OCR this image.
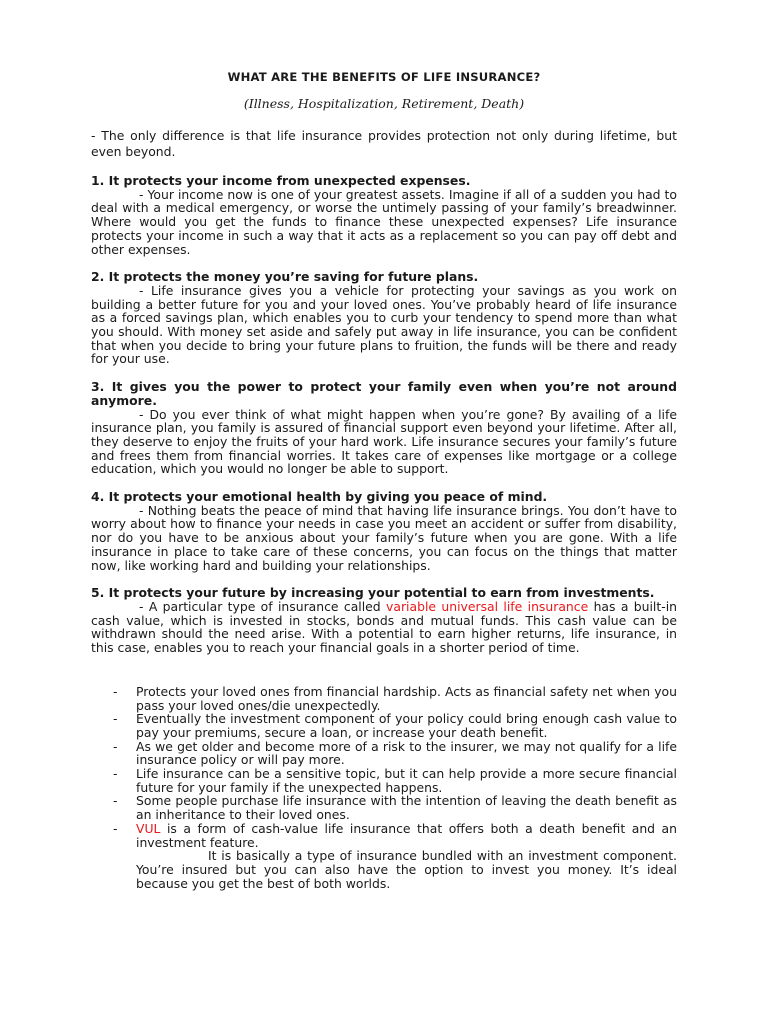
WHAT ARE THE BENEFITS OF LIFE INSURANCE?
(Illness, Hospitalization, Retirement, Death)

- The only difference is that life insurance provides protection not only during lifetime, but even beyond.

1. It protects your income from unexpected expenses.

- Your income now is one of your greatest assets. Imagine if all of a sudden you had to deal with a medical emergency, or worse the untimely passing of your family’s breadwinner. Where would you get the funds to finance these unexpected expenses? Life insurance protects your income in such a way that it acts as a replacement so you can pay off debt and other expenses.

2. It protects the money you’re saving for future plans.

- Life insurance gives you a vehicle for protecting your savings as you work on building a better future for you and your loved ones. You’ve probably heard of life insurance as a forced savings plan, which enables you to curb your tendency to spend more than what you should. With money set aside and safely put away in life insurance, you can be confident that when you decide to bring your future plans to fruition, the funds will be there and ready for your use.

3. It gives you the power to protect your family even when you’re not around anymore.

- Do you ever think of what might happen when you’re gone? By availing of a life insurance plan, you family is assured of financial support even beyond your lifetime. After all, they deserve to enjoy the fruits of your hard work. Life insurance secures your family’s future and frees them from financial worries. It takes care of expenses like mortgage or a college education, which you would no longer be able to support.

4. It protects your emotional health by giving you peace of mind.

- Nothing beats the peace of mind that having life insurance brings. You don’t have to worry about how to finance your needs in case you meet an accident or suffer from disability, nor do you have to be anxious about your family’s future when you are gone. With a life insurance in place to take care of these concerns, you can focus on the things that matter now, like working hard and building your relationships.

5. It protects your future by increasing your potential to earn from investments.

- A particular type of insurance called variable universal life insurance has a built-in cash value, which is invested in stocks, bonds and mutual funds. This cash value can be withdrawn should the need arise. With a potential to earn higher returns, life insurance, in this case, enables you to reach your financial goals in a shorter period of time.

- Protects your loved ones from financial hardship. Acts as financial safety net when you pass your loved ones/die unexpectedly.
- Eventually the investment component of your policy could bring enough cash value to pay your premiums, secure a loan, or increase your death benefit.
- As we get older and become more of a risk to the insurer, we may not qualify for a life insurance policy or will pay more.
- Life insurance can be a sensitive topic, but it can help provide a more secure financial future for your family if the unexpected happens.
- Some people purchase life insurance with the intention of leaving the death benefit as an inheritance to their loved ones.
- VUL is a form of cash-value life insurance that offers both a death benefit and an investment feature.

It is basically a type of insurance bundled with an investment component. You’re insured but you can also have the option to invest you money. It’s ideal because you get the best of both worlds.
